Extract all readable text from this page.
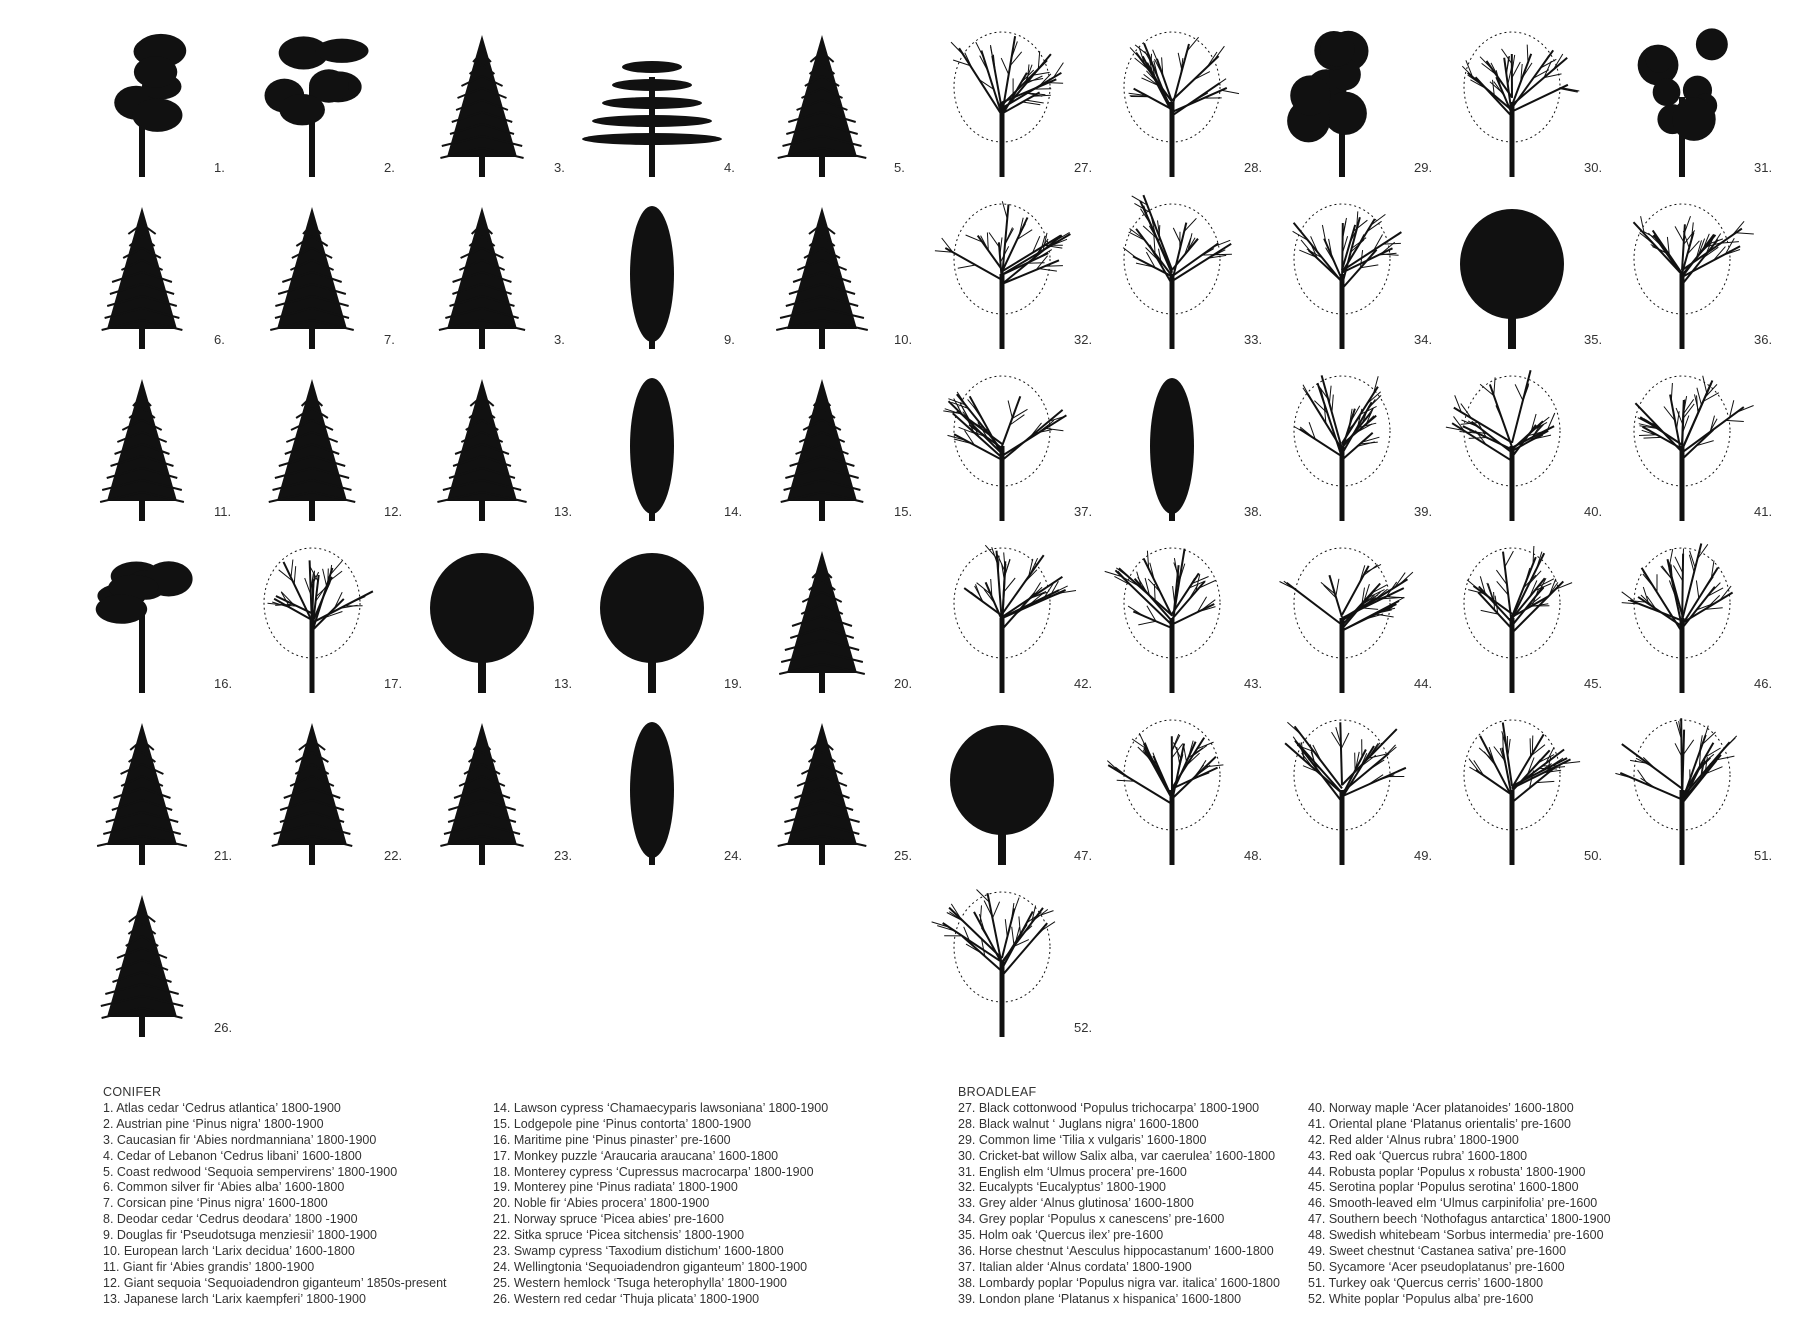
1.	2.	3.	4.	5.	27.	28.	29.	30.	31.
6.	7.	3.	9.	10.	32.	33.	34.	35.	36.
11.	12.	13.	14.	15.	37.	38.	39.	40.	41.
16.	17.	13.	19.	20.	42.	43.	44.	45.	46.
21.	22.	23.	24.	25.	47.	48.	49.	50.	51.
26.	52.
CONIFER
1. Atlas cedar ‘Cedrus atlantica’ 1800-1900
2. Austrian pine ‘Pinus nigra’ 1800-1900
3. Caucasian fir ‘Abies nordmanniana’ 1800-1900
4. Cedar of Lebanon ‘Cedrus libani’ 1600-1800
5. Coast redwood ‘Sequoia sempervirens’ 1800-1900
6. Common silver fir ‘Abies alba’ 1600-1800
7. Corsican pine ‘Pinus nigra’ 1600-1800
8. Deodar cedar ‘Cedrus deodara’ 1800 -1900
9. Douglas fir ‘Pseudotsuga menziesii’ 1800-1900
10. European larch ‘Larix decidua’ 1600-1800
11. Giant fir ‘Abies grandis’ 1800-1900
12. Giant sequoia ‘Sequoiadendron giganteum’ 1850s-present
13. Japanese larch ‘Larix kaempferi’ 1800-1900
14. Lawson cypress ‘Chamaecyparis lawsoniana’ 1800-1900
15. Lodgepole pine ‘Pinus contorta’ 1800-1900
16. Maritime pine ‘Pinus pinaster’ pre-1600
17. Monkey puzzle ‘Araucaria araucana’ 1600-1800
18. Monterey cypress ‘Cupressus macrocarpa’ 1800-1900
19. Monterey pine ‘Pinus radiata’ 1800-1900
20. Noble fir ‘Abies procera’ 1800-1900
21. Norway spruce ‘Picea abies’ pre-1600
22. Sitka spruce ‘Picea sitchensis’ 1800-1900
23. Swamp cypress ‘Taxodium distichum’ 1600-1800
24. Wellingtonia ‘Sequoiadendron giganteum’ 1800-1900
25. Western hemlock ‘Tsuga heterophylla’ 1800-1900
26. Western red cedar ‘Thuja plicata’ 1800-1900
BROADLEAF
27. Black cottonwood ‘Populus trichocarpa’ 1800-1900
28. Black walnut ‘ Juglans nigra’ 1600-1800
29. Common lime ‘Tilia x vulgaris’ 1600-1800
30. Cricket-bat willow Salix alba, var caerulea’ 1600-1800
31. English elm ‘Ulmus procera’ pre-1600
32. Eucalypts ‘Eucalyptus’ 1800-1900
33. Grey alder ‘Alnus glutinosa’ 1600-1800
34. Grey poplar ‘Populus x canescens’ pre-1600
35. Holm oak ‘Quercus ilex’ pre-1600
36. Horse chestnut ‘Aesculus hippocastanum’ 1600-1800
37. Italian alder ‘Alnus cordata’ 1800-1900
38. Lombardy poplar ‘Populus nigra var. italica’ 1600-1800
39. London plane ‘Platanus x hispanica’ 1600-1800
40. Norway maple ‘Acer platanoides’ 1600-1800
41. Oriental plane ‘Platanus orientalis’ pre-1600
42. Red alder ‘Alnus rubra’ 1800-1900
43. Red oak ‘Quercus rubra’ 1600-1800
44. Robusta poplar ‘Populus x robusta’ 1800-1900
45. Serotina poplar ‘Populus serotina’ 1600-1800
46. Smooth-leaved elm ‘Ulmus carpinifolia’ pre-1600
47. Southern beech ‘Nothofagus antarctica’ 1800-1900
48. Swedish whitebeam ‘Sorbus intermedia’ pre-1600
49. Sweet chestnut ‘Castanea sativa’ pre-1600
50. Sycamore ‘Acer pseudoplatanus’ pre-1600
51. Turkey oak ‘Quercus cerris’ 1600-1800
52. White poplar ‘Populus alba’ pre-1600
